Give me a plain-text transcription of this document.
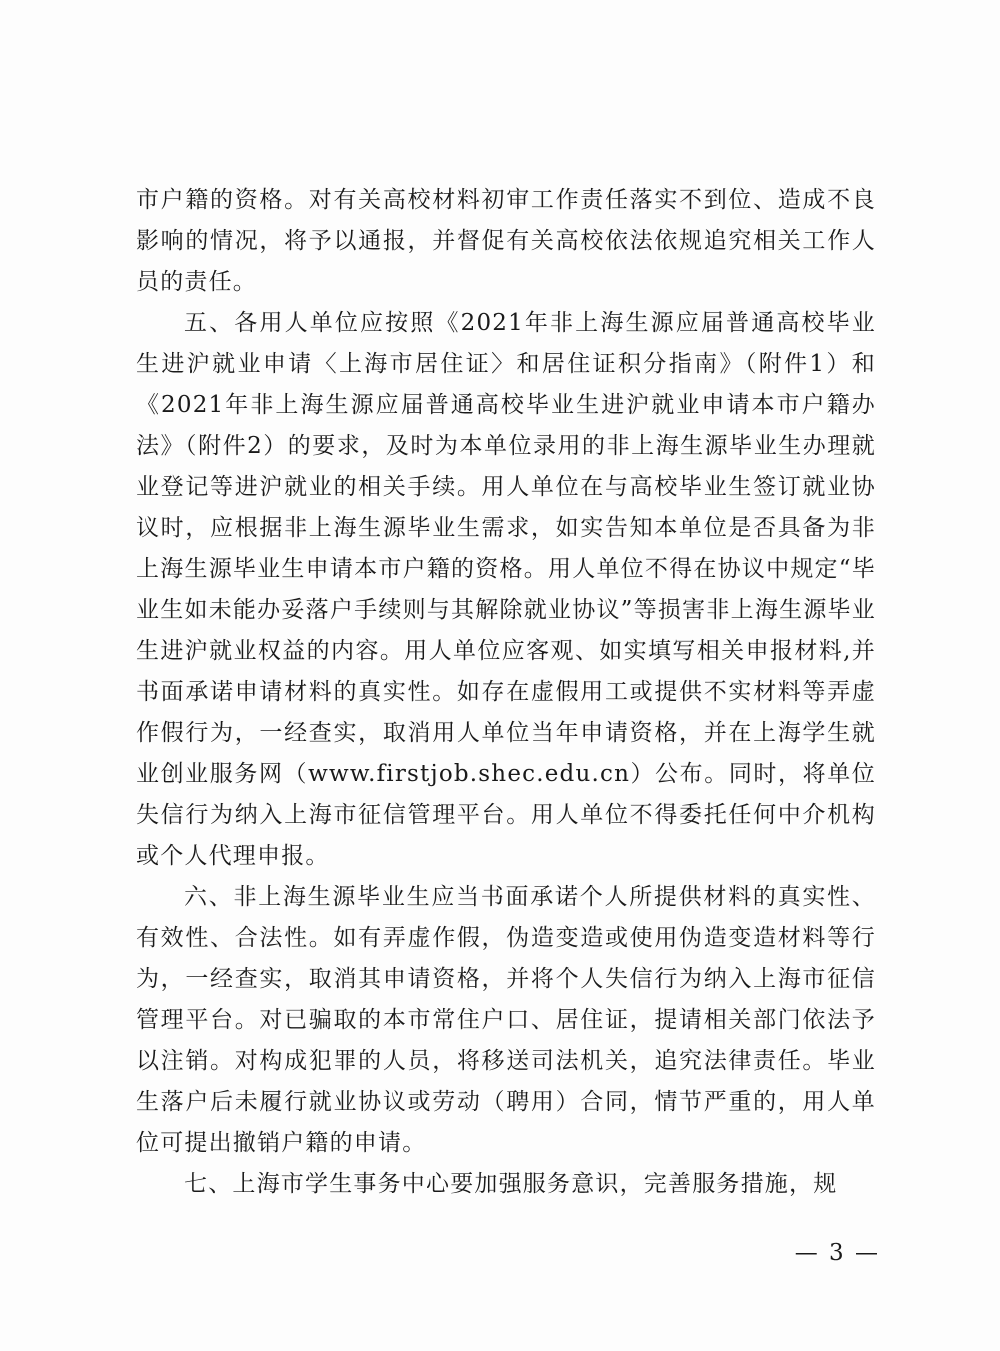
市户籍的资格。对有关高校材料初审工作责任落实不到位、造成不良影响的情况，将予以通报，并督促有关高校依法依规追究相关工作人员的责任。

五、各用人单位应按照《2021年非上海生源应届普通高校毕业生进沪就业申请〈上海市居住证〉和居住证积分指南》（附件1）和《2021年非上海生源应届普通高校毕业生进沪就业申请本市户籍办法》（附件2）的要求，及时为本单位录用的非上海生源毕业生办理就业登记等进沪就业的相关手续。用人单位在与高校毕业生签订就业协议时，应根据非上海生源毕业生需求，如实告知本单位是否具备为非上海生源毕业生申请本市户籍的资格。用人单位不得在协议中规定“毕业生如未能办妥落户手续则与其解除就业协议”等损害非上海生源毕业生进沪就业权益的内容。用人单位应客观、如实填写相关申报材料,并书面承诺申请材料的真实性。如存在虚假用工或提供不实材料等弄虚作假行为，一经查实，取消用人单位当年申请资格，并在上海学生就业创业服务网（www.firstjob.shec.edu.cn）公布。同时，将单位失信行为纳入上海市征信管理平台。用人单位不得委托任何中介机构或个人代理申报。

六、非上海生源毕业生应当书面承诺个人所提供材料的真实性、有效性、合法性。如有弄虚作假，伪造变造或使用伪造变造材料等行为，一经查实，取消其申请资格，并将个人失信行为纳入上海市征信管理平台。对已骗取的本市常住户口、居住证，提请相关部门依法予以注销。对构成犯罪的人员，将移送司法机关，追究法律责任。毕业生落户后未履行就业协议或劳动（聘用）合同，情节严重的，用人单位可提出撤销户籍的申请。

七、上海市学生事务中心要加强服务意识，完善服务措施，规

— 3 —
